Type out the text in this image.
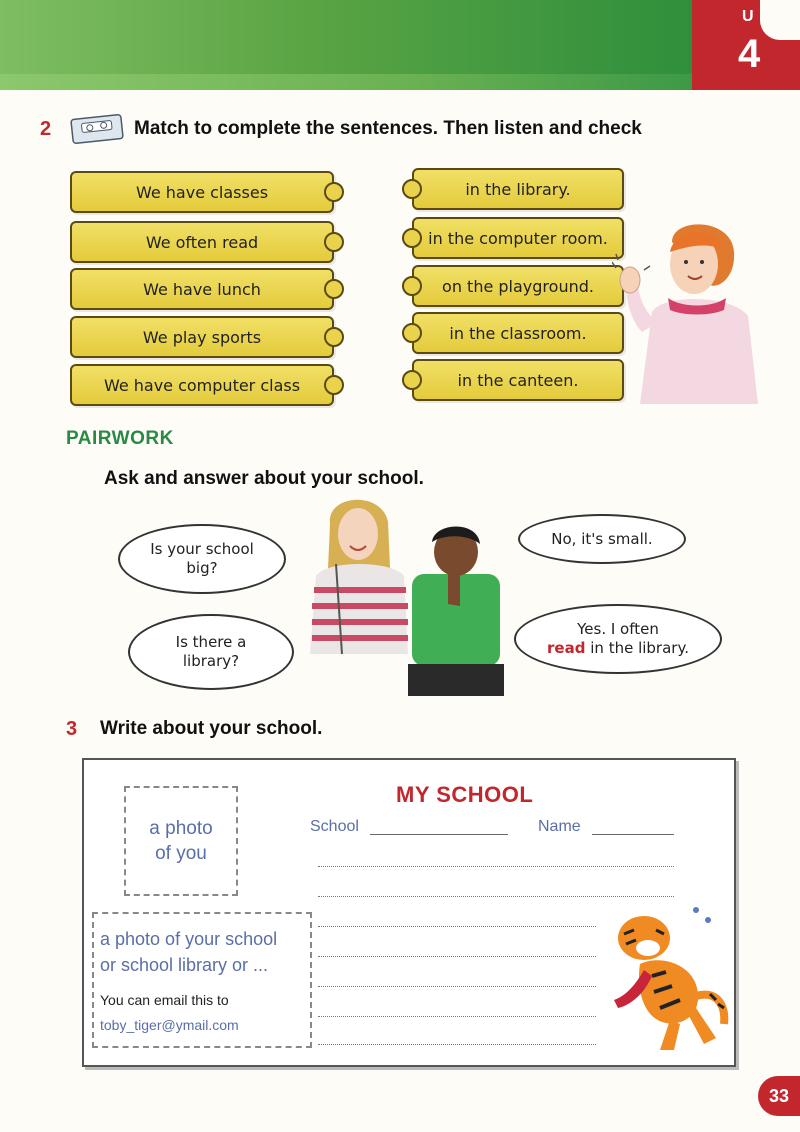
U
4
2	Match to complete the sentences. Then listen and check
We have classes
We often read
We have lunch
We play sports
We have computer class
in the library.
in the computer room.
on the playground.
in the classroom.
in the canteen.
PAIRWORK
Ask and answer about your school.
Is your school big?
No, it's small.
Is there a library?
Yes. I often
read in the library.
3 Write about your school.
a photo
of you
a photo of your school
or school library or ...
You can email this to
toby_tiger@ymail.com
MY SCHOOL
School	Name
33
